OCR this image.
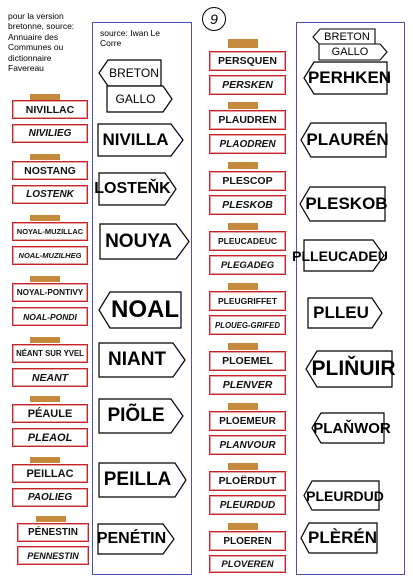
pour la version
bretonne, source:
Annuaire des
Communes ou
dictionnaire
Favereau
source: Iwan Le
Corre
9
NIVILLAC
NIVILIEG
NOSTANG
LOSTENK
NOYAL-MUZILLAC
NOAL-MUZILHEG
NOYAL-PONTIVY
NOAL-PONDI
NÉANT SUR YVEL
NEANT
PÉAULE
PLEAOL
PEILLAC
PAOLIEG
PÉNESTIN
PENNESTIN
BRETON
GALLO
NIVILLA
LOSTEŇK
NOUYA
NOAL
NIANT
PIÕLE
PEILLA
PENÉTIN
PERSQUEN
PERSKEN
PLAUDREN
PLAODREN
PLESCOP
PLESKOB
PLEUCADEUC
PLEGADEG
PLEUGRIFFET
PLOUEG-GRIFED
PLOEMEL
PLENVER
PLOEMEUR
PLANVOUR
PLOËRDUT
PLEURDUD
PLOEREN
PLOVEREN
BRETON
GALLO
PERHKEN
PLAURÉN
PLESKOB
PLLEUCADEU
PLLEU
PLIŇUIR
PLAŇWOR
PLEURDUD
PLÈRÉN
